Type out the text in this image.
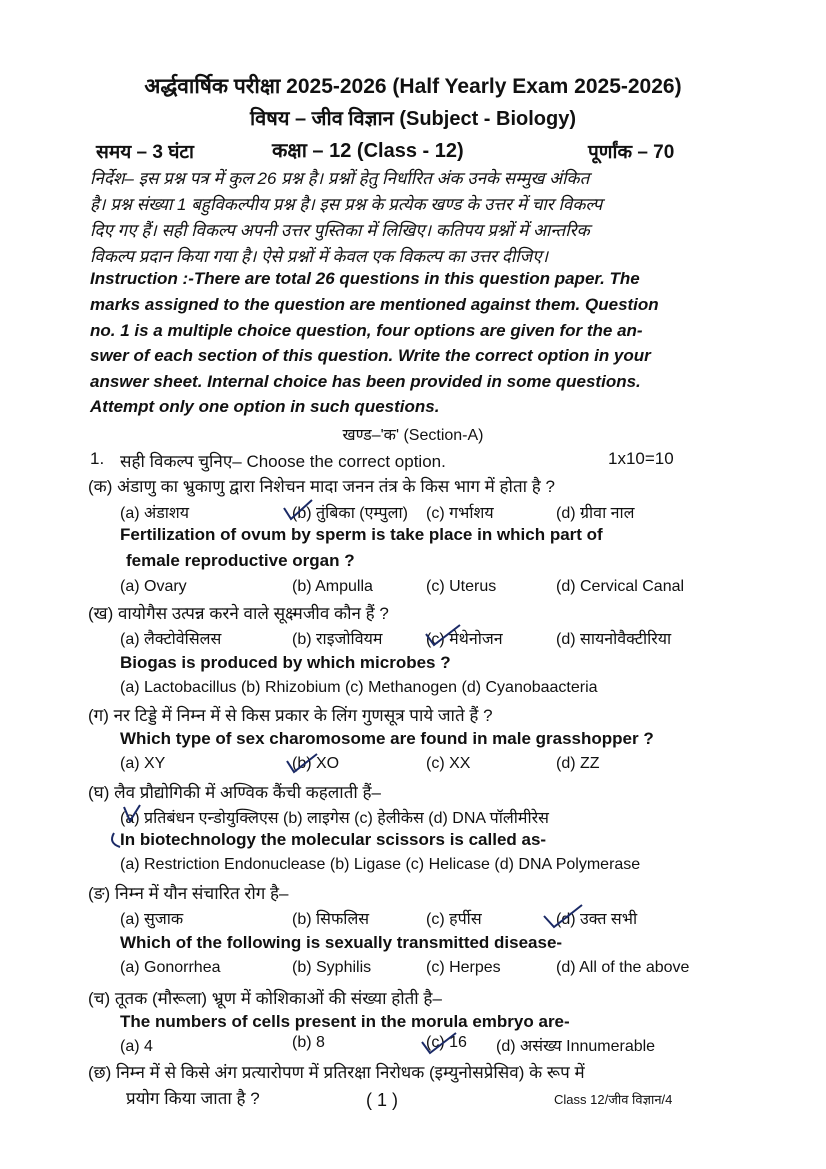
अर्द्धवार्षिक परीक्षा 2025-2026 (Half Yearly Exam 2025-2026)
विषय – जीव विज्ञान (Subject - Biology)
समय – 3 घंटा	कक्षा – 12 (Class - 12)	पूर्णांक – 70
निर्देश– इस प्रश्न पत्र में कुल 26 प्रश्न है। प्रश्नों हेतु निर्धारित अंक उनके सम्मुख अंकित
है। प्रश्न संख्या 1 बहुविकल्पीय प्रश्न है। इस प्रश्न के प्रत्येक खण्ड के उत्तर में चार विकल्प
दिए गए हैं। सही विकल्प अपनी उत्तर पुस्तिका में लिखिए। कतिपय प्रश्नों में आन्तरिक
विकल्प प्रदान किया गया है। ऐसे प्रश्नों में केवल एक विकल्प का उत्तर दीजिए।
Instruction :-There are total 26 questions in this question paper. The
marks assigned to the question are mentioned against them. Question
no. 1 is a multiple choice question, four options are given for the an-
swer of each section of this question. Write the correct option in your
answer sheet. Internal choice has been provided in some questions.
Attempt only one option in such questions.
खण्ड–'क' (Section-A)
1. सही विकल्प चुनिए– Choose the correct option.	1x10=10
(क) अंडाणु का भ्रुकाणु द्वारा निशेचन मादा जनन तंत्र के किस भाग में होता है ?
(a) अंडाशय	(b) तुंबिका (एम्पुला) (c) गर्भाशय	(d) ग्रीवा नाल
Fertilization of ovum by sperm is take place in which part of
female reproductive organ ?
(a) Ovary	(b) Ampulla	(c) Uterus	(d) Cervical Canal
(ख) वायोगैस उत्पन्न करने वाले सूक्ष्मजीव कौन हैं ?
(a) लैक्टोवेसिलस	(b) राइजोवियम	(c) मेथेनोजन	(d) सायनोवैक्टीरिया
Biogas is produced by which microbes ?
(a) Lactobacillus (b) Rhizobium (c) Methanogen (d) Cyanobaacteria
(ग) नर टिड्डे में निम्न में से किस प्रकार के लिंग गुणसूत्र पाये जाते हैं ?
Which type of sex charomosome are found in male grasshopper ?
(a) XY	(b) XO	(c) XX	(d) ZZ
(घ) लैव प्रौद्योगिकी में अण्विक कैंची कहलाती हैं–
(a) प्रतिबंधन एन्डोयुक्लिएस (b) लाइगेस (c) हेलीकेस (d) DNA पॉलीमीरेस
In biotechnology the molecular scissors is called as-
(a) Restriction Endonuclease (b) Ligase (c) Helicase (d) DNA Polymerase
(ङ) निम्न में यौन संचारित रोग है–
(a) सुजाक	(b) सिफलिस	(c) हर्पीस	(d) उक्त सभी
Which of the following is sexually transmitted disease-
(a) Gonorrhea	(b) Syphilis	(c) Herpes	(d) All of the above
(च) तूतक (मौरूला) भ्रूण में कोशिकाओं की संख्या होती है–
The numbers of cells present in the morula embryo are-
(a) 4	(b) 8	(c) 16 (d) असंख्य Innumerable
(छ) निम्न में से किसे अंग प्रत्यारोपण में प्रतिरक्षा निरोधक (इम्युनोसप्रेसिव) के रूप में
प्रयोग किया जाता है ?	( 1 )	Class 12/जीव विज्ञान/4
